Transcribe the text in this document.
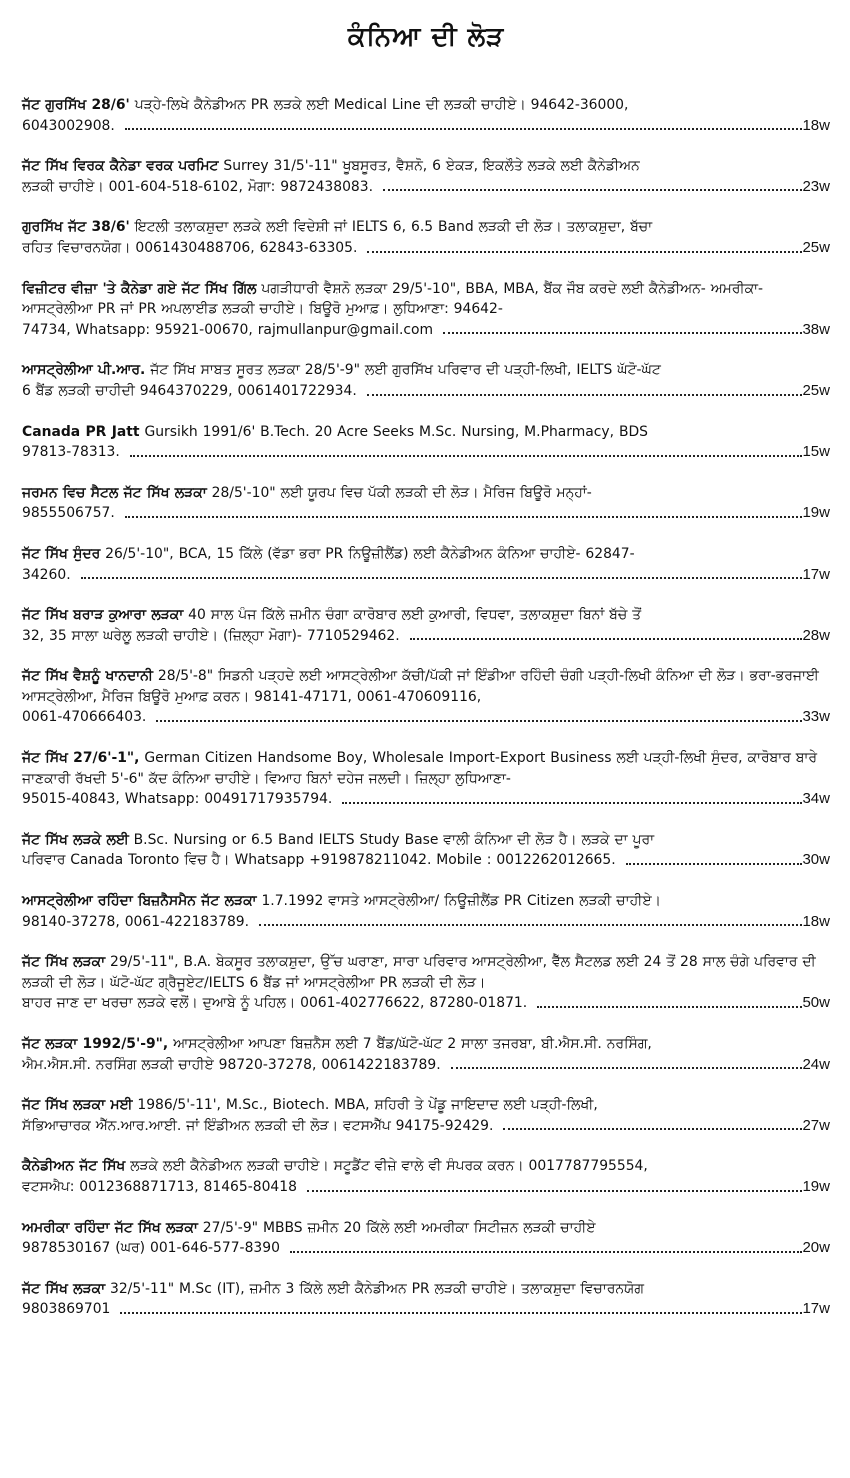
ਕੰਨਿਆ ਦੀ ਲੋੜ
ਜੱਟ ਗੁਰਸਿੱਖ 28/6' ਪੜ੍ਹੇ-ਲਿਖੇ ਕੈਨੇਡੀਅਨ PR ਲੜਕੇ ਲਈ Medical Line ਦੀ ਲੜਕੀ ਚਾਹੀਏ। 94642-36000,
6043002908.	18w
ਜੱਟ ਸਿੱਖ ਵਿਰਕ ਕੈਨੇਡਾ ਵਰਕ ਪਰਮਿਟ Surrey 31/5'-11" ਖੂਬਸੂਰਤ, ਵੈਸ਼ਨੋ, 6 ਏਕੜ, ਇਕਲੌਤੇ ਲੜਕੇ ਲਈ ਕੈਨੇਡੀਅਨ
ਲੜਕੀ ਚਾਹੀਏ। 001-604-518-6102, ਮੋਗਾ: 9872438083.	23w
ਗੁਰਸਿੱਖ ਜੱਟ 38/6' ਇਟਲੀ ਤਲਾਕਸ਼ੁਦਾ ਲੜਕੇ ਲਈ ਵਿਦੇਸ਼ੀ ਜਾਂ IELTS 6, 6.5 Band ਲੜਕੀ ਦੀ ਲੋੜ। ਤਲਾਕਸ਼ੁਦਾ, ਬੱਚਾ
ਰਹਿਤ ਵਿਚਾਰਨਯੋਗ। 0061430488706, 62843-63305.	25w
ਵਿਜ਼ੀਟਰ ਵੀਜ਼ਾ 'ਤੇ ਕੈਨੇਡਾ ਗਏ ਜੱਟ ਸਿੱਖ ਗਿੱਲ ਪਗੜੀਧਾਰੀ ਵੈਸ਼ਨੋ ਲੜਕਾ 29/5'-10", BBA, MBA, ਬੈਂਕ ਜੌਬ ਕਰਦੇ ਲਈ ਕੈਨੇਡੀਅਨ- ਅਮਰੀਕਾ- ਆਸਟ੍ਰੇਲੀਆ PR ਜਾਂ PR ਅਪਲਾਈਡ ਲੜਕੀ ਚਾਹੀਏ। ਬਿਊਰੋ ਮੁਆਫ਼। ਲੁਧਿਆਣਾ: 94642-
74734, Whatsapp: 95921-00670, rajmullanpur@gmail.com	38w
ਆਸਟ੍ਰੇਲੀਆ ਪੀ.ਆਰ. ਜੱਟ ਸਿੱਖ ਸਾਬਤ ਸੂਰਤ ਲੜਕਾ 28/5'-9" ਲਈ ਗੁਰਸਿੱਖ ਪਰਿਵਾਰ ਦੀ ਪੜ੍ਹੀ-ਲਿਖੀ, IELTS ਘੱਟੋ-ਘੱਟ
6 ਬੈਂਡ ਲੜਕੀ ਚਾਹੀਦੀ 9464370229, 0061401722934.	25w
Canada PR Jatt Gursikh 1991/6' B.Tech. 20 Acre Seeks M.Sc. Nursing, M.Pharmacy, BDS
97813-78313.	15w
ਜਰਮਨ ਵਿਚ ਸੈਟਲ ਜੱਟ ਸਿੱਖ ਲੜਕਾ 28/5'-10" ਲਈ ਯੂਰਪ ਵਿਚ ਪੱਕੀ ਲੜਕੀ ਦੀ ਲੋੜ। ਮੈਰਿਜ ਬਿਊਰੋ ਮਨ੍ਹਾਂ-
9855506757.	19w
ਜੱਟ ਸਿੱਖ ਸੁੰਦਰ 26/5'-10", BCA, 15 ਕਿੱਲੇ (ਵੱਡਾ ਭਰਾ PR ਨਿਊਜ਼ੀਲੈਂਡ) ਲਈ ਕੈਨੇਡੀਅਨ ਕੰਨਿਆ ਚਾਹੀਏ- 62847-
34260.	17w
ਜੱਟ ਸਿੱਖ ਬਰਾੜ ਕੁਆਰਾ ਲੜਕਾ 40 ਸਾਲ ਪੰਜ ਕਿੱਲੇ ਜ਼ਮੀਨ ਚੰਗਾ ਕਾਰੋਬਾਰ ਲਈ ਕੁਆਰੀ, ਵਿਧਵਾ, ਤਲਾਕਸ਼ੁਦਾ ਬਿਨਾਂ ਬੱਚੇ ਤੋਂ
32, 35 ਸਾਲਾ ਘਰੇਲੂ ਲੜਕੀ ਚਾਹੀਏ। (ਜ਼ਿਲ੍ਹਾ ਮੋਗਾ)- 7710529462.	28w
ਜੱਟ ਸਿੱਖ ਵੈਸ਼ਨੂੰ ਖਾਨਦਾਨੀ 28/5'-8" ਸਿਡਨੀ ਪੜ੍ਹਦੇ ਲਈ ਆਸਟ੍ਰੇਲੀਆ ਕੱਚੀ/ਪੱਕੀ ਜਾਂ ਇੰਡੀਆ ਰਹਿੰਦੀ ਚੰਗੀ ਪੜ੍ਹੀ-ਲਿਖੀ ਕੰਨਿਆ ਦੀ ਲੋੜ। ਭਰਾ-ਭਰਜਾਈ ਆਸਟ੍ਰੇਲੀਆ, ਮੈਰਿਜ ਬਿਊਰੋ ਮੁਆਫ਼ ਕਰਨ। 98141-47171, 0061-470609116,
0061-470666403.	33w
ਜੱਟ ਸਿੱਖ 27/6'-1", German Citizen Handsome Boy, Wholesale Import-Export Business ਲਈ ਪੜ੍ਹੀ-ਲਿਖੀ ਸੁੰਦਰ, ਕਾਰੋਬਾਰ ਬਾਰੇ ਜਾਣਕਾਰੀ ਰੱਖਦੀ 5'-6" ਕੱਦ ਕੰਨਿਆ ਚਾਹੀਏ। ਵਿਆਹ ਬਿਨਾਂ ਦਹੇਜ ਜਲਦੀ। ਜ਼ਿਲ੍ਹਾ ਲੁਧਿਆਣਾ-
95015-40843, Whatsapp: 00491717935794.	34w
ਜੱਟ ਸਿੱਖ ਲੜਕੇ ਲਈ B.Sc. Nursing or 6.5 Band IELTS Study Base ਵਾਲੀ ਕੰਨਿਆ ਦੀ ਲੋੜ ਹੈ। ਲੜਕੇ ਦਾ ਪੂਰਾ
ਪਰਿਵਾਰ Canada Toronto ਵਿਚ ਹੈ। Whatsapp +919878211042. Mobile : 0012262012665.	30w
ਆਸਟ੍ਰੇਲੀਆ ਰਹਿੰਦਾ ਬਿਜ਼ਨੈਸਮੈਨ ਜੱਟ ਲੜਕਾ 1.7.1992 ਵਾਸਤੇ ਆਸਟ੍ਰੇਲੀਆ/ ਨਿਊਜ਼ੀਲੈਂਡ PR Citizen ਲੜਕੀ ਚਾਹੀਏ।
98140-37278, 0061-422183789.	18w
ਜੱਟ ਸਿੱਖ ਲੜਕਾ 29/5'-11", B.A. ਬੇਕਸੂਰ ਤਲਾਕਸ਼ੁਦਾ, ਉੱਚ ਘਰਾਣਾ, ਸਾਰਾ ਪਰਿਵਾਰ ਆਸਟ੍ਰੇਲੀਆ, ਵੈੱਲ ਸੈਟਲਡ ਲਈ 24 ਤੋਂ 28 ਸਾਲ ਚੰਗੇ ਪਰਿਵਾਰ ਦੀ ਲੜਕੀ ਦੀ ਲੋੜ। ਘੱਟੋ-ਘੱਟ ਗ੍ਰੈਜੂਏਟ/IELTS 6 ਬੈਂਡ ਜਾਂ ਆਸਟ੍ਰੇਲੀਆ PR ਲੜਕੀ ਦੀ ਲੋੜ।
ਬਾਹਰ ਜਾਣ ਦਾ ਖਰਚਾ ਲੜਕੇ ਵਲੋਂ। ਦੁਆਬੇ ਨੂੰ ਪਹਿਲ। 0061-402776622, 87280-01871.	50w
ਜੱਟ ਲੜਕਾ 1992/5'-9", ਆਸਟ੍ਰੇਲੀਆ ਆਪਣਾ ਬਿਜ਼ਨੈਸ ਲਈ 7 ਬੈਂਡ/ਘੱਟੋ-ਘੱਟ 2 ਸਾਲਾ ਤਜਰਬਾ, ਬੀ.ਐਸ.ਸੀ. ਨਰਸਿੰਗ,
ਐਮ.ਐਸ.ਸੀ. ਨਰਸਿੰਗ ਲੜਕੀ ਚਾਹੀਏ 98720-37278, 0061422183789.	24w
ਜੱਟ ਸਿੱਖ ਲੜਕਾ ਮਈ 1986/5'-11', M.Sc., Biotech. MBA, ਸ਼ਹਿਰੀ ਤੇ ਪੇਂਡੂ ਜਾਇਦਾਦ ਲਈ ਪੜ੍ਹੀ-ਲਿਖੀ,
ਸੱਭਿਆਚਾਰਕ ਐੱਨ.ਆਰ.ਆਈ. ਜਾਂ ਇੰਡੀਅਨ ਲੜਕੀ ਦੀ ਲੋੜ। ਵਟਸਐੱਪ 94175-92429.	27w
ਕੈਨੇਡੀਅਨ ਜੱਟ ਸਿੱਖ ਲੜਕੇ ਲਈ ਕੈਨੇਡੀਅਨ ਲੜਕੀ ਚਾਹੀਏ। ਸਟੂਡੈਂਟ ਵੀਜ਼ੇ ਵਾਲੇ ਵੀ ਸੰਪਰਕ ਕਰਨ। 0017787795554,
ਵਟਸਐਪ: 0012368871713, 81465-80418	19w
ਅਮਰੀਕਾ ਰਹਿੰਦਾ ਜੱਟ ਸਿੱਖ ਲੜਕਾ 27/5'-9" MBBS ਜ਼ਮੀਨ 20 ਕਿੱਲੇ ਲਈ ਅਮਰੀਕਾ ਸਿਟੀਜ਼ਨ ਲੜਕੀ ਚਾਹੀਏ
9878530167 (ਘਰ) 001-646-577-8390	20w
ਜੱਟ ਸਿੱਖ ਲੜਕਾ 32/5'-11" M.Sc (IT), ਜ਼ਮੀਨ 3 ਕਿੱਲੇ ਲਈ ਕੈਨੇਡੀਅਨ PR ਲੜਕੀ ਚਾਹੀਏ। ਤਲਾਕਸ਼ੁਦਾ ਵਿਚਾਰਨਯੋਗ
9803869701	17w
